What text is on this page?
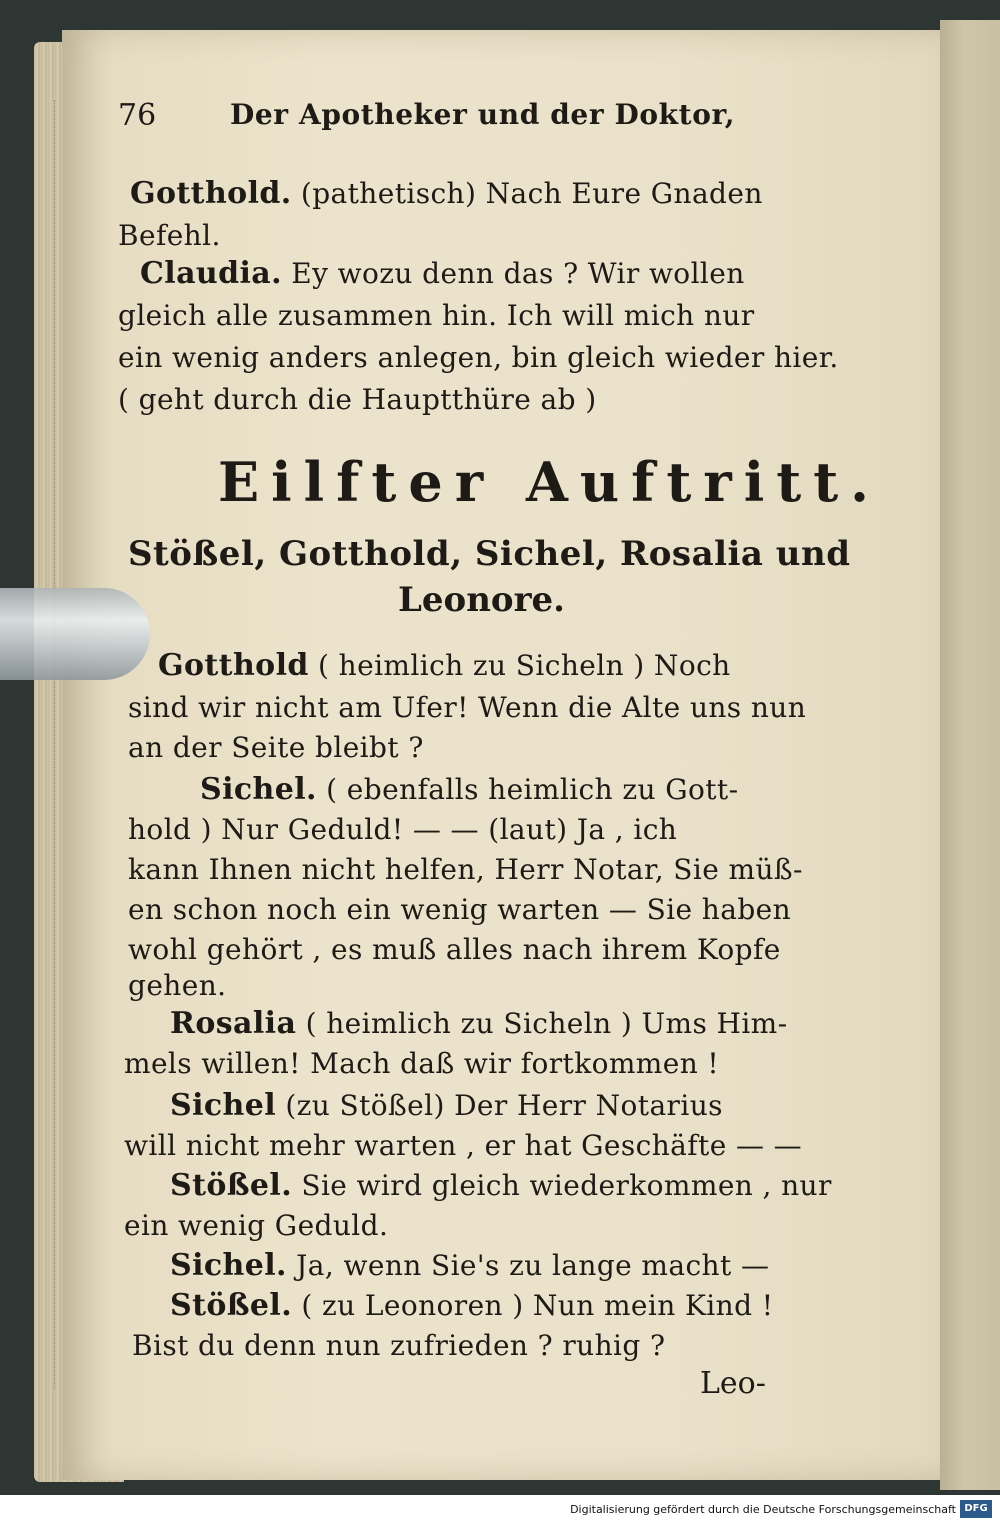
76	Der Apotheker und der Doktor,
Gotthold. (pathetisch) Nach Eure Gnaden
Befehl.
Claudia. Ey wozu denn das ? Wir wollen
gleich alle zusammen hin. Ich will mich nur
ein wenig anders anlegen, bin gleich wieder hier.
( geht durch die Hauptthüre ab )
Eilfter Auftritt.
Stößel, Gotthold, Sichel, Rosalia und
Leonore.
Gotthold ( heimlich zu Sicheln ) Noch
sind wir nicht am Ufer! Wenn die Alte uns nun
an der Seite bleibt ?
Sichel. ( ebenfalls heimlich zu Gott-
hold ) Nur Geduld! — — (laut) Ja , ich
kann Ihnen nicht helfen, Herr Notar, Sie müß-
en schon noch ein wenig warten — Sie haben
wohl gehört , es muß alles nach ihrem Kopfe
gehen.
Rosalia ( heimlich zu Sicheln ) Ums Him-
mels willen! Mach daß wir fortkommen !
Sichel (zu Stößel) Der Herr Notarius
will nicht mehr warten , er hat Geschäfte — —
Stößel. Sie wird gleich wiederkommen , nur
ein wenig Geduld.
Sichel. Ja, wenn Sie's zu lange macht —
Stößel. ( zu Leonoren ) Nun mein Kind !
Bist du denn nun zufrieden ? ruhig ?
Leo-
Digitalisierung gefördert durch die Deutsche Forschungsgemeinschaft DFG
